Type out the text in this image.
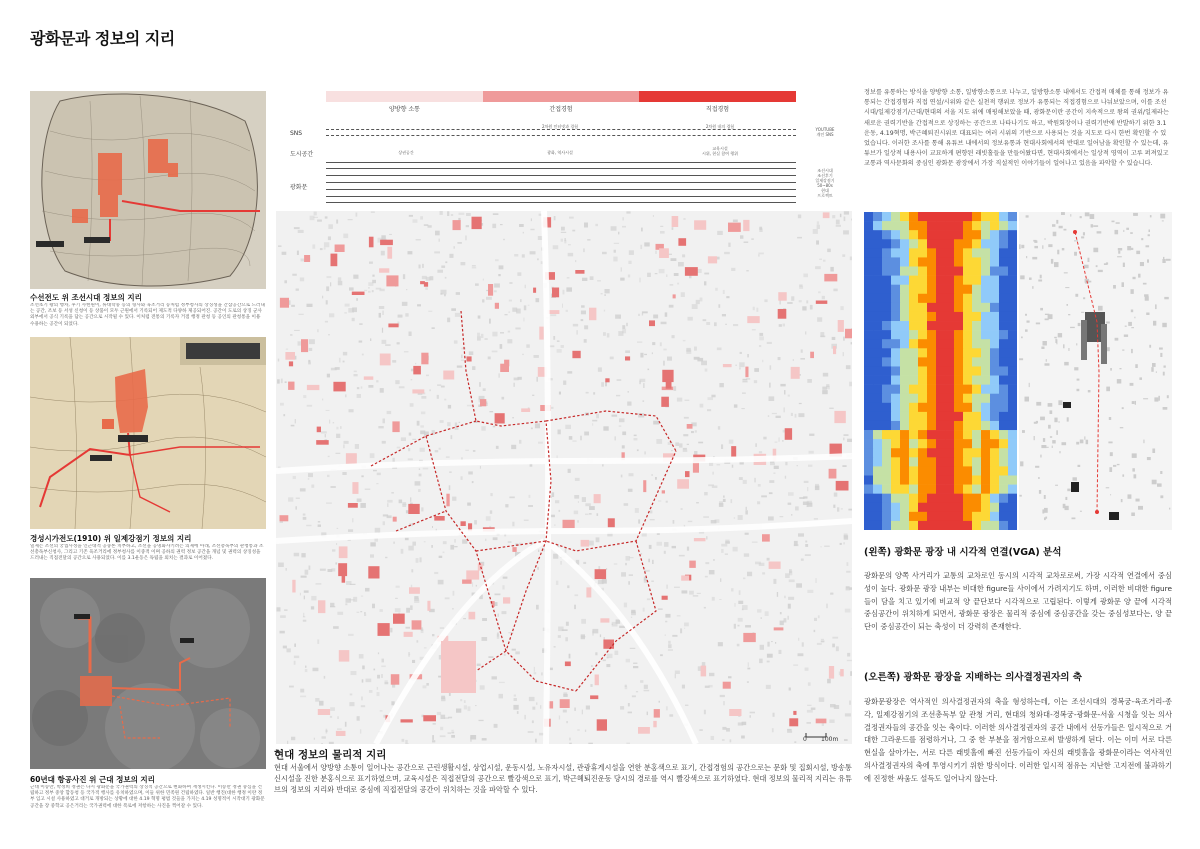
광화문과 정보의 지리
수선전도 위 조선시대 정보의 지리
조선초기 왕의 행차, 후기 사헌원이, 류대학풍 등의 형사와 육조거리 등처럼 정부청사의 상징성을 간삼공간으로 드러내는 공간, 조보 등 서성 신청이 등 상품이 모두 근원에서 기록되어 제도적 다양하 제공되어진. 공간이 도로의 상징 군사 외부에서 공식 기록을 담는 공간으로 시작될 수 있다. 이처럼 전통의 기록자 거점 행정 관청 등 공인의 관청통을 이용 수용하는 공간이 되었다.
경성시가전도(1910) 위 일제강점기 정보의 지리
일제는 조선의 궁궐사성을 인근대적 공중론 치부하고, 조선을 공명화사키려는 의제에 아래, 조선총독부의 관청통과 조선총독부신청사, 그리고 기존 육조거리에 정부청사를 이중적 이며 공하의 권력 정보 공간을 개념 및 권력의 상징성을 드러내는 직접전달의 공간으로 사용되었다. 이를 3.1운동은 독립을 외치는 결과로 이어졌다.
60년대 항공사진 위 근대 정보의 지리
근대 이승만, 박정희 정권은 다시 광화문을 국가권력의 상징적 공간으로 변화하며 재생시킨다. 이승만 정권 중심을 건립하고 정부 중앙 합동청 등 국가적 행사를 유치하였으며, 이들 위한 민족원 건립하였다. 일반 행진(대한 행정 이란 정부 입고 시설 사용하였고 대거로 개방되는 상황에 대한 4.19 혁명 평범 것들을 가지는 4.19 성명적이 시작대기 광화문 공간을 장 중학교 공은거리는 국가권력에 대한 폭로에 저항하는 사진을 찍어갈 수 있다.
양방향 소통	간접경험	직접경험
SNS
2차원 인터넷과 경험	2차원 내의 경험
YOUTUBE
개인 SNS
도시공간	상권공간	광화, 역사시설
교육시설
시위, 현실 참여 행위
광화문
조선시대
조선후기
일제강점기
50~80s
현대
프로젝트
0 100m
현대 정보의 물리적 지리
현대 서울에서 양방향 소통이 일어나는 공간으로 근린생활시설, 상업시설, 운동시설, 노유자시설, 관광휴게시설을 연한 분홍색으로 표기, 간접경험의 공간으로는 문화 및 집회시설, 방송통신시설을 진한 분홍식으로 표기하였으며, 교육시설은 직접전달의 공간으로 빨강색으로 표기, 박근혜퇴진운동 당시의 경로를 역시 빨강색으로 표기하였다. 현대 정보의 물리적 지리는 유튜브의 정보의 지리와 반대로 중심에 직접전달의 공간이 위치하는 것을 파악할 수 있다.
정보를 유통하는 방식을 양방향 소통, 일방향소통으로 나누고, 일방향소통 내에서도 간접적 매체를 통해 정보가 유통되는 간접경험과 직접 연설/시위와 같은 실천적 행위로 정보가 유통되는 직접경험으로 나눠보았으며, 이를 조선시대/일제강점기/근대/현대의 서울 지도 위에 매핑해보았을 때, 광화문이란 공간이 지속적으로 왕의 권위/일제라는 새로운 권력기반을 간접적으로 상징하는 공간으로 나타나기도 하고, 박원회장이나 권력기반에 반발하기 위한 3.1운동, 4.19혁명, 박근혜퇴진시위로 대표되는 여러 시위의 기반으로 사용되는 것을 지도로 다시 한번 확인할 수 있었습니다. 이러한 조사를 통해 유튜브 내에서의 정보유통과 현대사회에서의 반대로 일어남을 확인할 수 있는데, 유튜브가 일상적 내용사이 교묘하게 편향된 래빗홀들을 만들어왔다면, 현대사회에서는 일상적 영역이 고루 퍼져있고 교통과 역사문화의 중심인 광화문 광장에서 가장 직설적인 이야기들이 일어나고 있음을 파악할 수 있습니다.
(왼쪽) 광화문 광장 내 시각적 연결(VGA) 분석
광화문의 양쪽 사거리가 교통의 교차로인 동시의 시각적 교차로로써, 가장 시각적 연결에서 중심성이 높다. 광화문 광장 내부는 비대한 figure들 사이에서 가려지기도 하며, 이러한 비대한 figure들이 담을 치고 있기에 비교적 양 끝단보다 시각적으로 고립된다. 이렇게 광화문 양 끝에 시각적 중심공간이 위치하게 되면서, 광화문 광장은 물리적 중심에 중심공간을 갖는 중심성보다는, 양 끝단이 중심공간이 되는 축성이 더 강력히 존재한다.
(오른쪽) 광화문 광장을 지배하는 의사결정권자의 축
광화문광장은 역사적인 의사결정권자의 축을 형성하는데, 이는 조선시대의 경복궁-육조거리-종각, 일제강점기의 조선총독부 앞 관청 거리, 현대의 청와대-경복궁-광화문-서울 시청을 잇는 의사결정권자들의 공간을 잇는 축이다. 이러한 의사결정권자의 공간 내에서 선동가들은 일시적으로 거대한 그라운드를 점령하거나, 그 중 한 부분을 점거함으로써 발생하게 된다. 이는 이미 서로 다른 현실을 살아가는, 서로 다른 래빗홀에 빠진 선동가들이 자신의 래빗홀을 광화문이라는 역사적인 의사결정권자의 축에 투영시키기 위한 방식이다. 이러한 일시적 점유는 지난한 고지전에 불과하기에 진정한 싸움도 설득도 일어나지 않는다.
